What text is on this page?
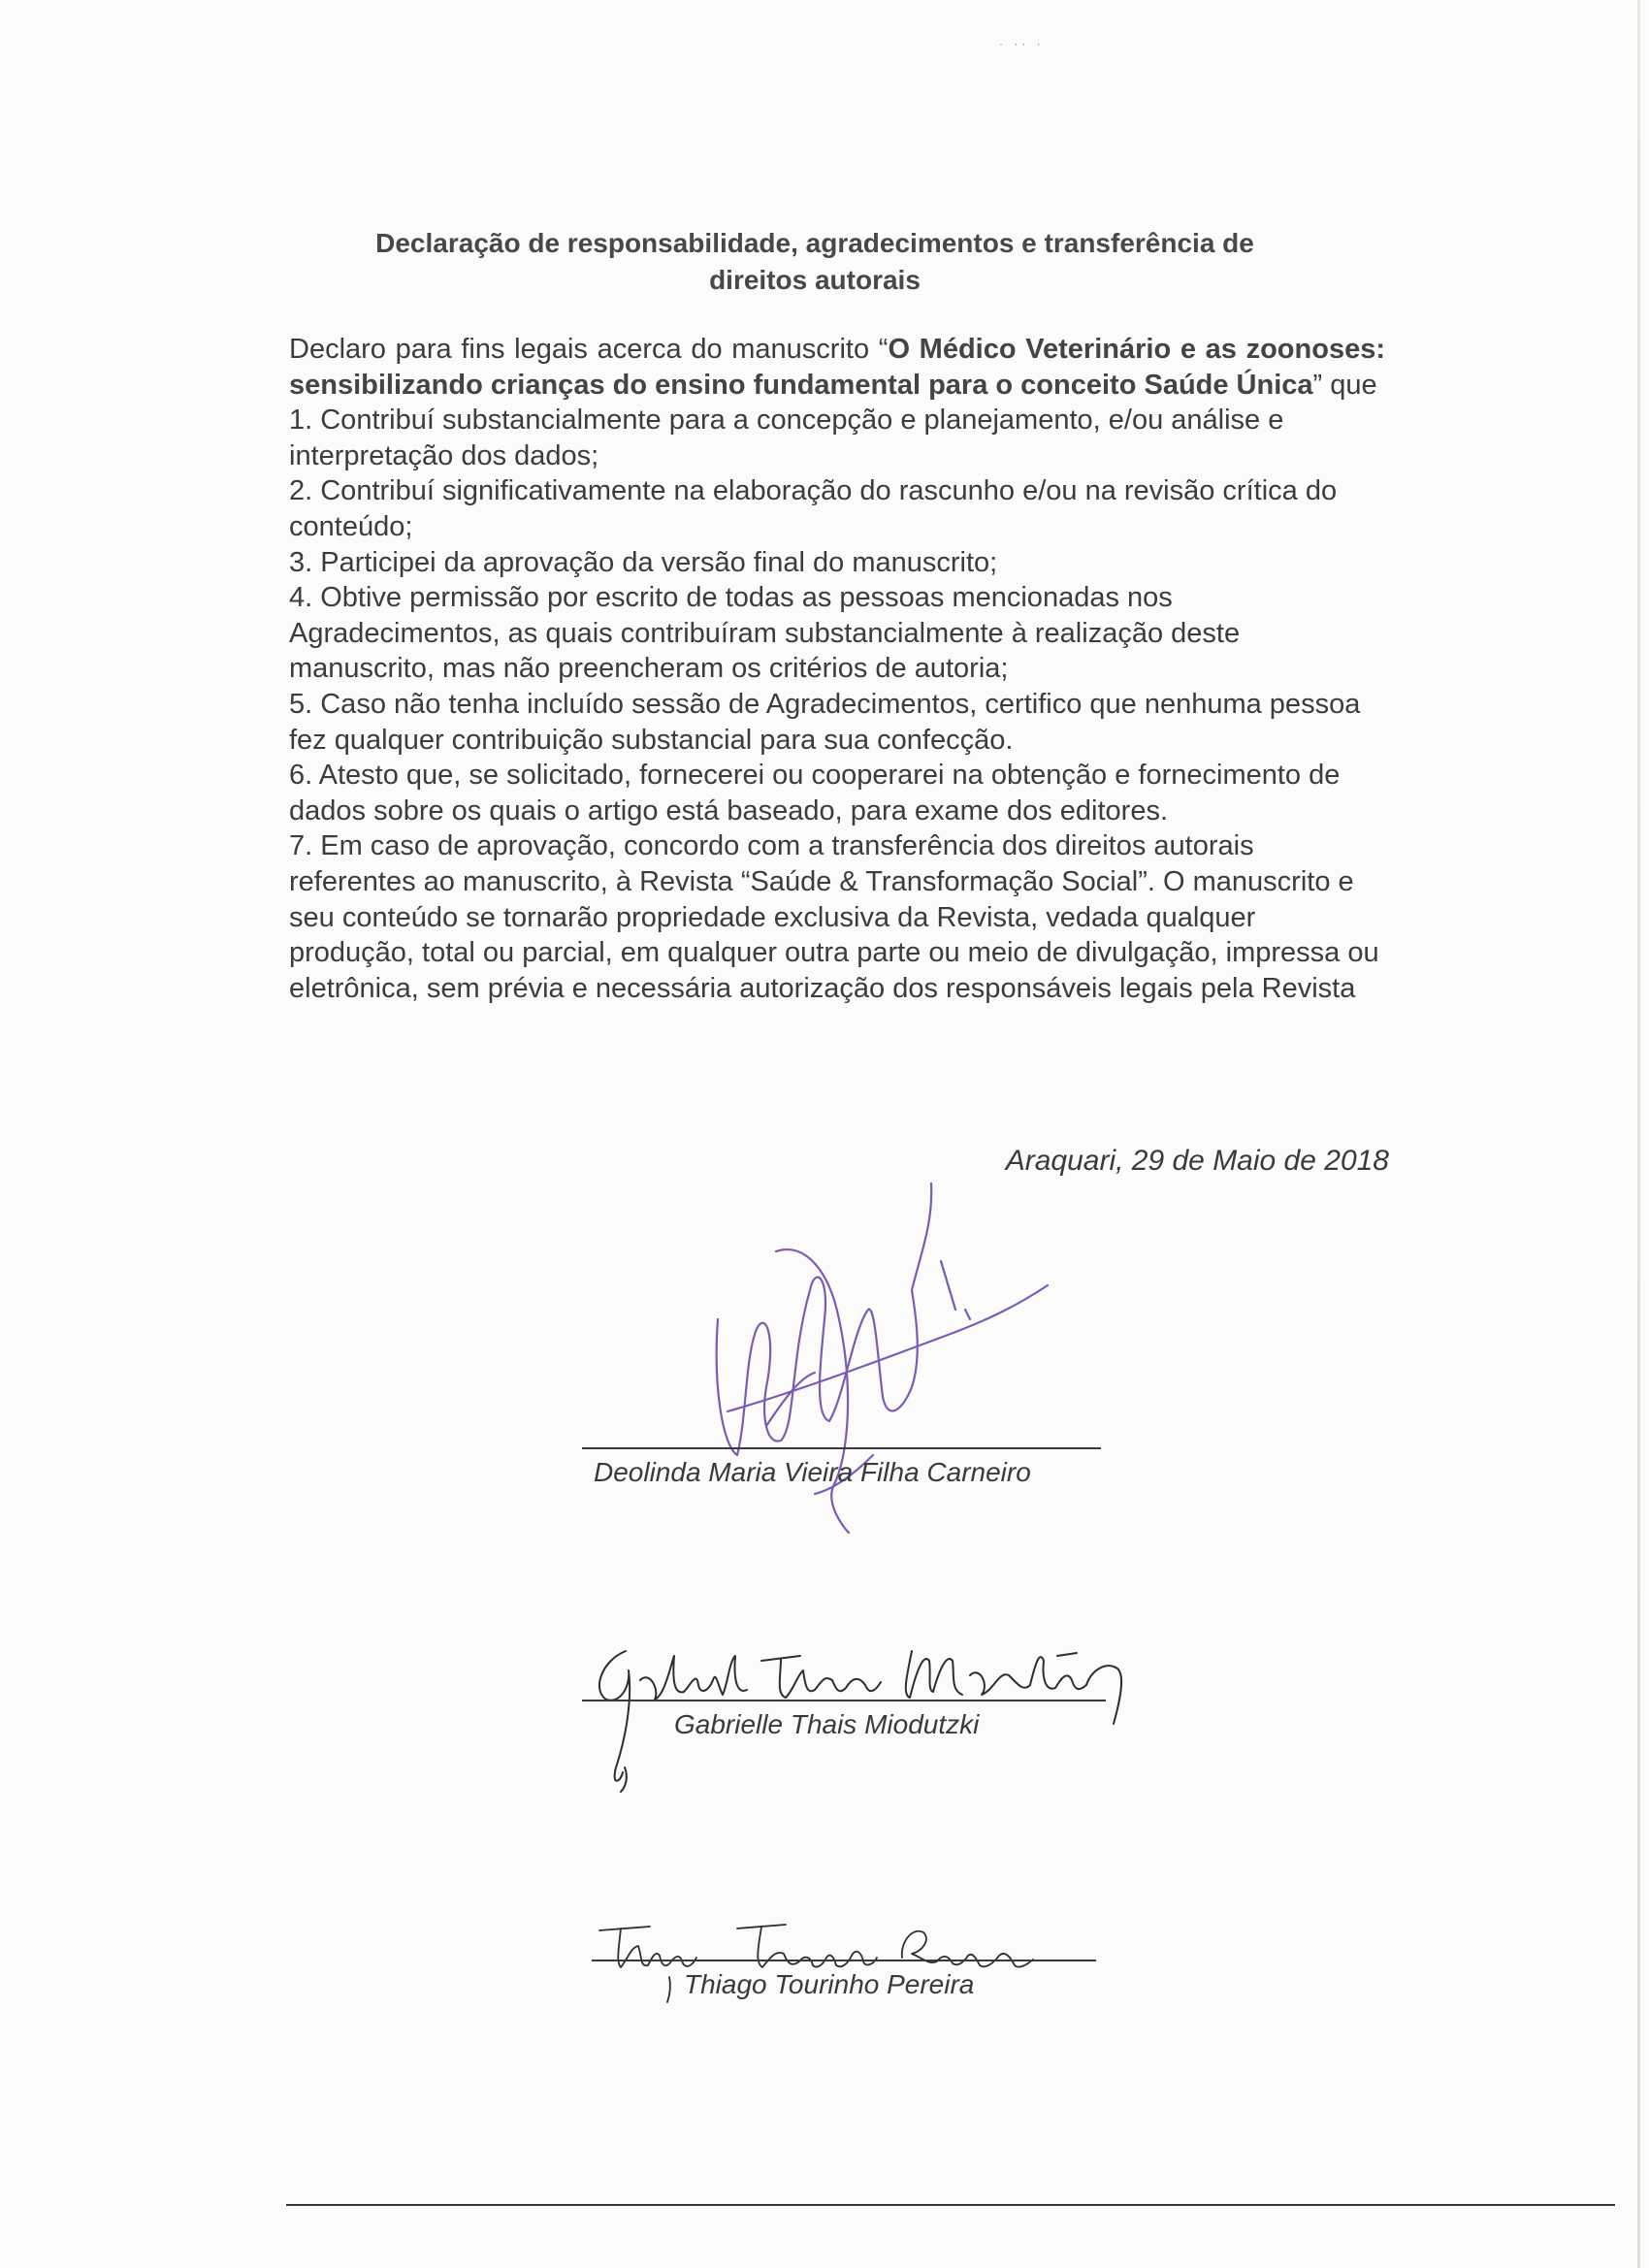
· ·· ·
Declaração de responsabilidade, agradecimentos e transferência de
direitos autorais

Declaro para fins legais acerca do manuscrito “O Médico Veterinário e as zoonoses: sensibilizando crianças do ensino fundamental para o conceito Saúde Única” que

1. Contribuí substancialmente para a concepção e planejamento, e/ou análise e interpretação dos dados;

2. Contribuí significativamente na elaboração do rascunho e/ou na revisão crítica do conteúdo;

3. Participei da aprovação da versão final do manuscrito;

4. Obtive permissão por escrito de todas as pessoas mencionadas nos Agradecimentos, as quais contribuíram substancialmente à realização deste manuscrito, mas não preencheram os critérios de autoria;

5. Caso não tenha incluído sessão de Agradecimentos, certifico que nenhuma pessoa fez qualquer contribuição substancial para sua confecção.

6. Atesto que, se solicitado, fornecerei ou cooperarei na obtenção e fornecimento de dados sobre os quais o artigo está baseado, para exame dos editores.

7. Em caso de aprovação, concordo com a transferência dos direitos autorais referentes ao manuscrito, à Revista “Saúde & Transformação Social”. O manuscrito e seu conteúdo se tornarão propriedade exclusiva da Revista, vedada qualquer produção, total ou parcial, em qualquer outra parte ou meio de divulgação, impressa ou eletrônica, sem prévia e necessária autorização dos responsáveis legais pela Revista

Araquari, 29 de Maio de 2018
Deolinda Maria Vieira Filha Carneiro
Gabrielle Thais Miodutzki
Thiago Tourinho Pereira
